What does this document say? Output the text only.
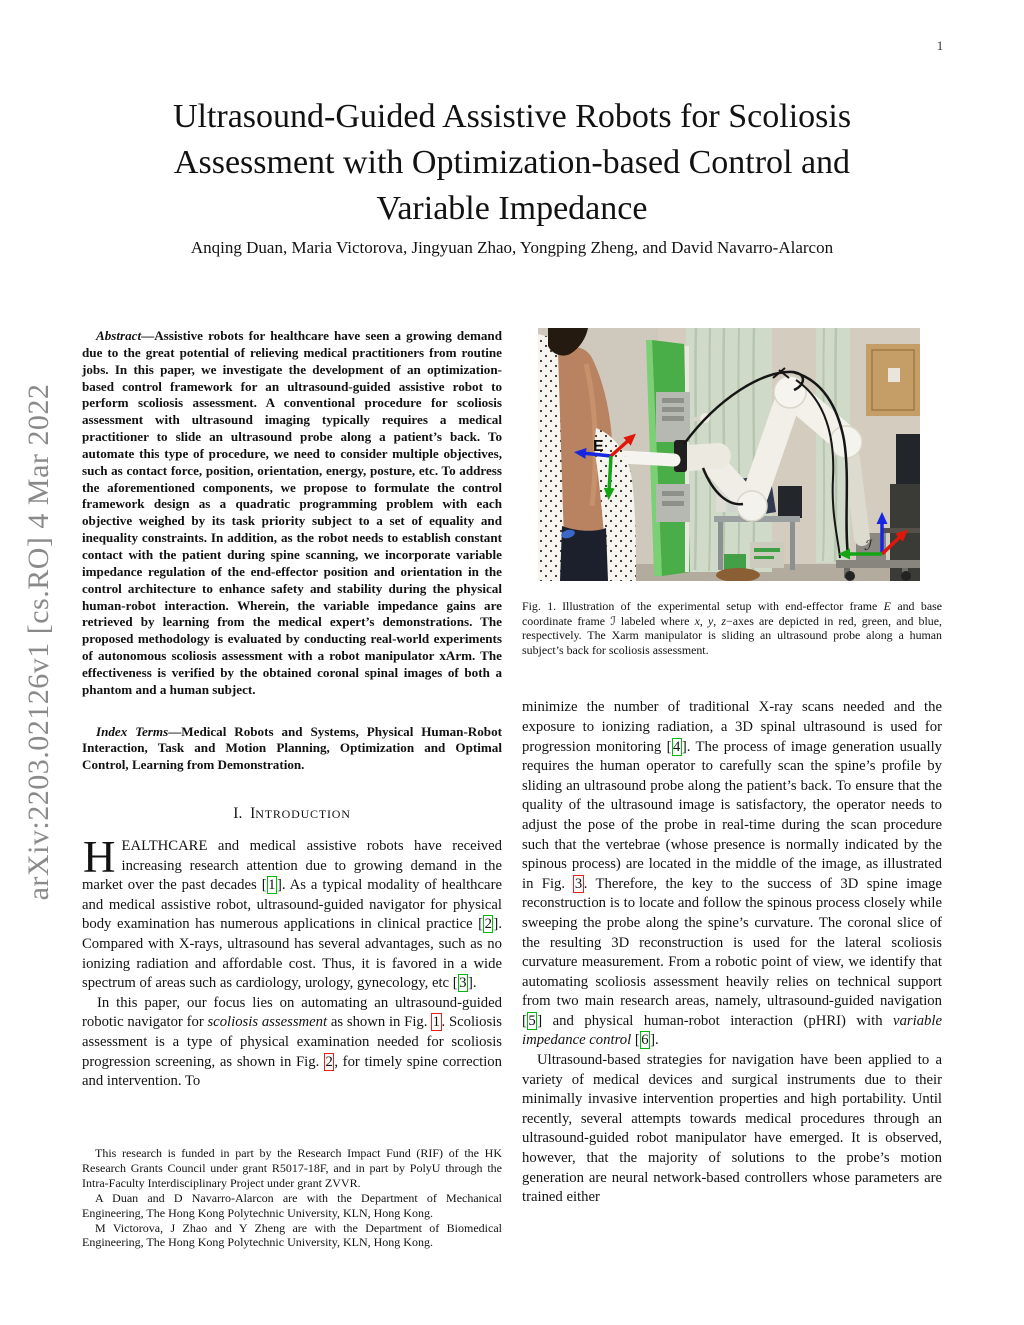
1
arXiv:2203.02126v1 [cs.RO] 4 Mar 2022
Ultrasound-Guided Assistive Robots for Scoliosis
Assessment with Optimization-based Control and
Variable Impedance
Anqing Duan, Maria Victorova, Jingyuan Zhao, Yongping Zheng, and David Navarro-Alarcon

Abstract—Assistive robots for healthcare have seen a growing demand due to the great potential of relieving medical practitioners from routine jobs. In this paper, we investigate the development of an optimization-based control framework for an ultrasound-guided assistive robot to perform scoliosis assessment. A conventional procedure for scoliosis assessment with ultrasound imaging typically requires a medical practitioner to slide an ultrasound probe along a patient’s back. To automate this type of procedure, we need to consider multiple objectives, such as contact force, position, orientation, energy, posture, etc. To address the aforementioned components, we propose to formulate the control framework design as a quadratic programming problem with each objective weighed by its task priority subject to a set of equality and inequality constraints. In addition, as the robot needs to establish constant contact with the patient during spine scanning, we incorporate variable impedance regulation of the end-effector position and orientation in the control architecture to enhance safety and stability during the physical human-robot interaction. Wherein, the variable impedance gains are retrieved by learning from the medical expert’s demonstrations. The proposed methodology is evaluated by conducting real-world experiments of autonomous scoliosis assessment with a robot manipulator xArm. The effectiveness is verified by the obtained coronal spinal images of both a phantom and a human subject.

Index Terms—Medical Robots and Systems, Physical Human-Robot Interaction, Task and Motion Planning, Optimization and Optimal Control, Learning from Demonstration.

I. INTRODUCTION

HEALTHCARE and medical assistive robots have received increasing research attention due to growing demand in the market over the past decades [ 1 ]. As a typical modality of healthcare and medical assistive robot, ultrasound-guided navigator for physical body examination has numerous applications in clinical practice [ 2 ]. Compared with X-rays, ultrasound has several advantages, such as no ionizing radiation and affordable cost. Thus, it is favored in a wide spectrum of areas such as cardiology, urology, gynecology, etc [ 3 ].

In this paper, our focus lies on automating an ultrasound-guided robotic navigator for scoliosis assessment as shown in Fig. 1 . Scoliosis assessment is a type of physical examination needed for scoliosis progression screening, as shown in Fig. 2 , for timely spine correction and intervention. To

This research is funded in part by the Research Impact Fund (RIF) of the HK Research Grants Council under grant R5017-18F, and in part by PolyU through the Intra-Faculty Interdisciplinary Project under grant ZVVR.

A Duan and D Navarro-Alarcon are with the Department of Mechanical Engineering, The Hong Kong Polytechnic University, KLN, Hong Kong.

M Victorova, J Zhao and Y Zheng are with the Department of Biomedical Engineering, The Hong Kong Polytechnic University, KLN, Hong Kong.

E
ℐ

Fig. 1. Illustration of the experimental setup with end-effector frame E and base coordinate frame ℐ labeled where x, y, z−axes are depicted in red, green, and blue, respectively. The Xarm manipulator is sliding an ultrasound probe along a human subject’s back for scoliosis assessment.

minimize the number of traditional X-ray scans needed and the exposure to ionizing radiation, a 3D spinal ultrasound is used for progression monitoring [ 4 ]. The process of image generation usually requires the human operator to carefully scan the spine’s profile by sliding an ultrasound probe along the patient’s back. To ensure that the quality of the ultrasound image is satisfactory, the operator needs to adjust the pose of the probe in real-time during the scan procedure such that the vertebrae (whose presence is normally indicated by the spinous process) are located in the middle of the image, as illustrated in Fig. 3 . Therefore, the key to the success of 3D spine image reconstruction is to locate and follow the spinous process closely while sweeping the probe along the spine’s curvature. The coronal slice of the resulting 3D reconstruction is used for the lateral scoliosis curvature measurement. From a robotic point of view, we identify that automating scoliosis assessment heavily relies on technical support from two main research areas, namely, ultrasound-guided navigation [ 5 ] and physical human-robot interaction (pHRI) with variable impedance control [ 6 ].

Ultrasound-based strategies for navigation have been applied to a variety of medical devices and surgical instruments due to their minimally invasive intervention properties and high portability. Until recently, several attempts towards medical procedures through an ultrasound-guided robot manipulator have emerged. It is observed, however, that the majority of solutions to the probe’s motion generation are neural network-based controllers whose parameters are trained either
